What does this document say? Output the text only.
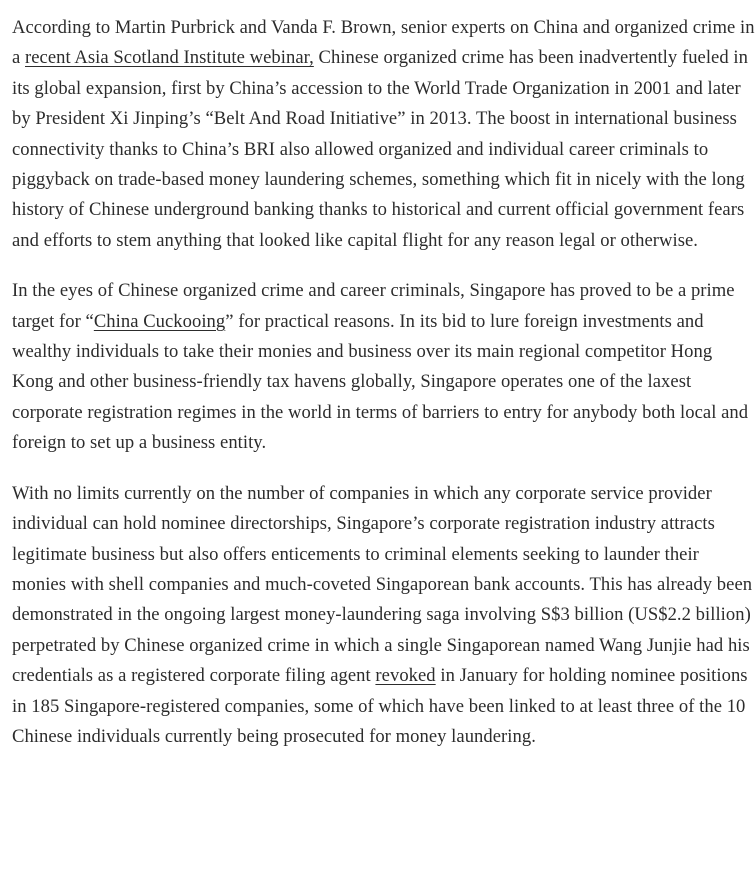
According to Martin Purbrick and Vanda F. Brown, senior experts on China and organized crime in a recent Asia Scotland Institute webinar, Chinese organized crime has been inadvertently fueled in its global expansion, first by China’s accession to the World Trade Organization in 2001 and later by President Xi Jinping’s “Belt And Road Initiative” in 2013. The boost in international business connectivity thanks to China’s BRI also allowed organized and individual career criminals to piggyback on trade-based money laundering schemes, something which fit in nicely with the long history of Chinese underground banking thanks to historical and current official government fears and efforts to stem anything that looked like capital flight for any reason legal or otherwise.

In the eyes of Chinese organized crime and career criminals, Singapore has proved to be a prime target for “China Cuckooing” for practical reasons. In its bid to lure foreign investments and wealthy individuals to take their monies and business over its main regional competitor Hong Kong and other business-friendly tax havens globally, Singapore operates one of the laxest corporate registration regimes in the world in terms of barriers to entry for anybody both local and foreign to set up a business entity.

With no limits currently on the number of companies in which any corporate service provider individual can hold nominee directorships, Singapore’s corporate registration industry attracts legitimate business but also offers enticements to criminal elements seeking to launder their monies with shell companies and much-coveted Singaporean bank accounts. This has already been demonstrated in the ongoing largest money-laundering saga involving S$3 billion (US$2.2 billion) perpetrated by Chinese organized crime in which a single Singaporean named Wang Junjie had his credentials as a registered corporate filing agent revoked in January for holding nominee positions in 185 Singapore-registered companies, some of which have been linked to at least three of the 10 Chinese individuals currently being prosecuted for money laundering.
